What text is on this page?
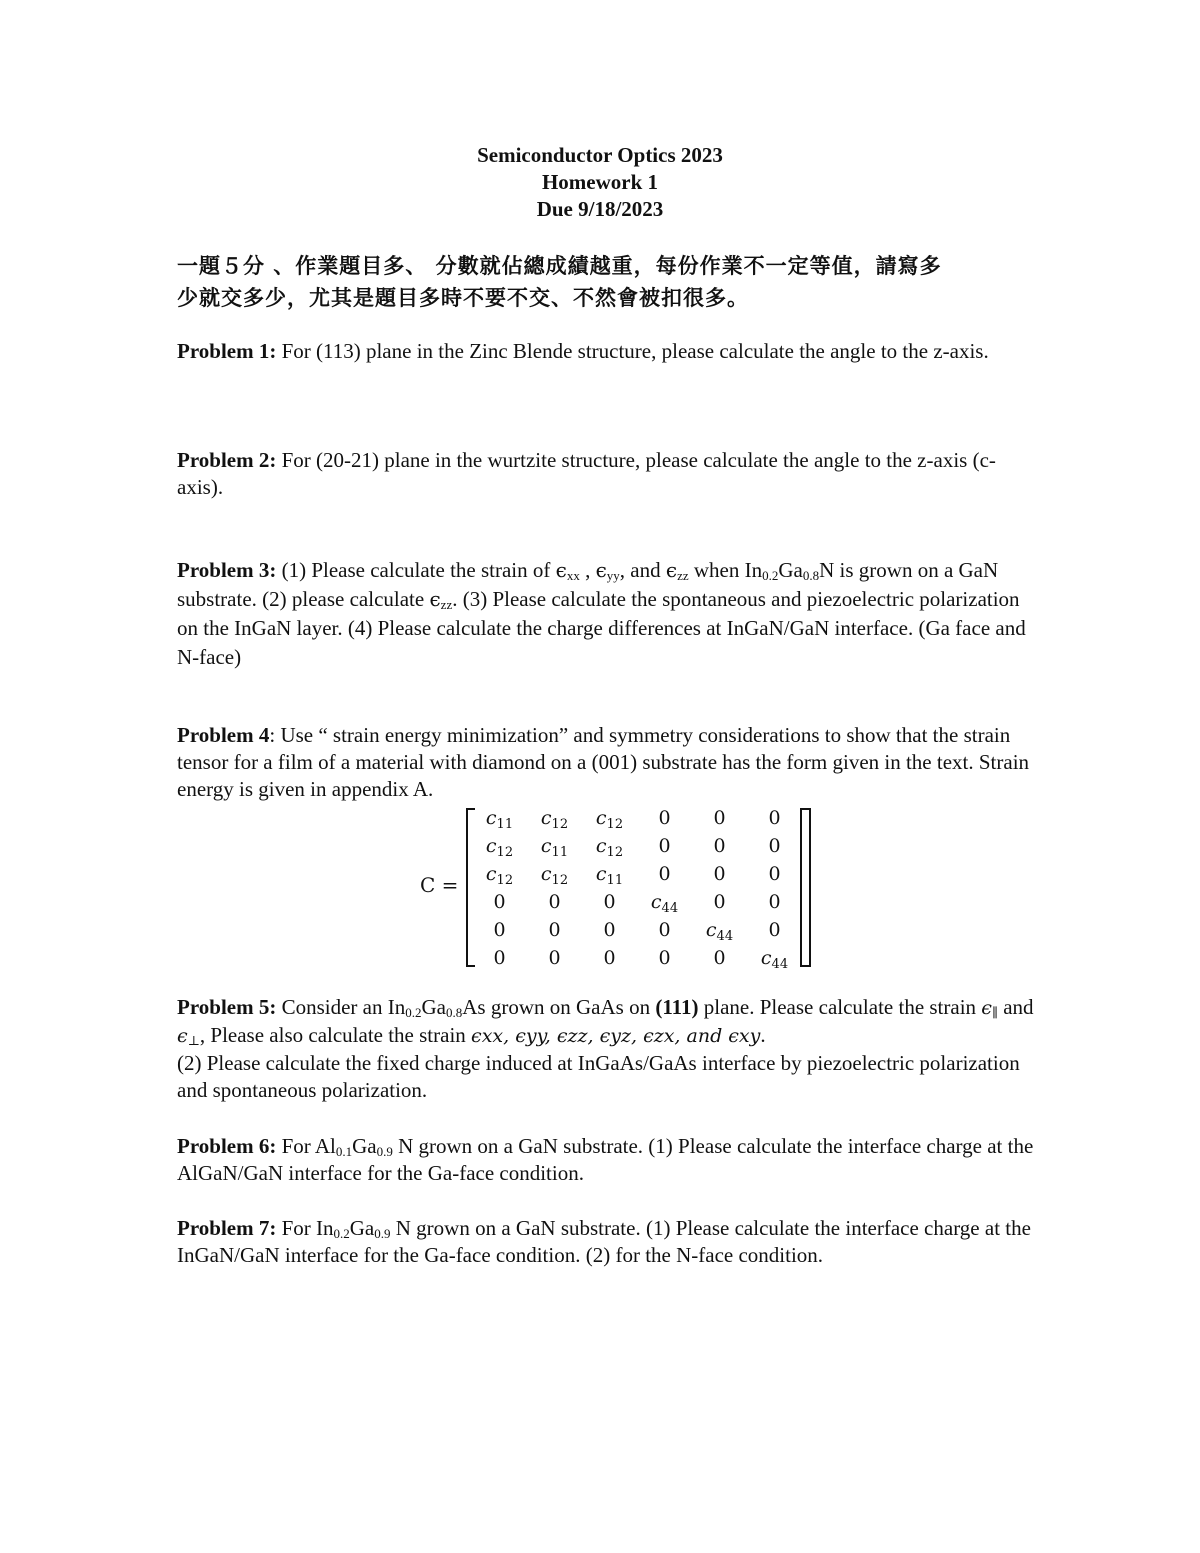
Semiconductor Optics 2023
Homework 1
Due 9/18/2023
一題５分 、作業題目多、 分數就佔總成績越重，每份作業不一定等值，請寫多
少就交多少，尤其是題目多時不要不交、不然會被扣很多。
Problem 1: For (113) plane in the Zinc Blende structure, please calculate the angle to the z-axis.
Problem 2: For (20-21) plane in the wurtzite structure, please calculate the angle to the z-axis (c-axis).
Problem 3: (1) Please calculate the strain of $\epsilon_{xx}$ , $\epsilon_{yy}$, and $\epsilon_{zz}$ when $In_{0.2}Ga_{0.8}N$ is grown on a GaN substrate. (2) please calculate $\epsilon_{zz}$. (3) Please calculate the spontaneous and piezoelectric polarization on the InGaN layer. (4) Please calculate the charge differences at InGaN/GaN interface. (Ga face and N-face)
Problem 4: Use “ strain energy minimization” and symmetry considerations to show that the strain tensor for a film of a material with diamond on a (001) substrate has the form given in the text. Strain energy is given in appendix A.
C =
$c_{11}$	$c_{12}$	$c_{12}$	0	0	0
$c_{12}$	$c_{11}$	$c_{12}$	0	0	0
$c_{12}$	$c_{12}$	$c_{11}$	0	0	0
0	0	0	$c_{44}$	0	0
0	0	0	0	$c_{44}$	0
0	0	0	0	0	$c_{44}$
Problem 5: Consider an $In_{0.2}Ga_{0.8}As$ grown on GaAs on (111) plane. Please calculate the strain $\epsilon_\parallel$ and $\epsilon_\perp$, Please also calculate the strain ϵxx, ϵyy, ϵzz, ϵyz, ϵzx, and ϵxy.
(2) Please calculate the fixed charge induced at InGaAs/GaAs interface by piezoelectric polarization and spontaneous polarization.
Problem 6: For $Al_{0.1}Ga_{0.9}$ N grown on a GaN substrate. (1) Please calculate the interface charge at the AlGaN/GaN interface for the Ga-face condition.
Problem 7: For $In_{0.2}Ga_{0.9}$ N grown on a GaN substrate. (1) Please calculate the interface charge at the InGaN/GaN interface for the Ga-face condition. (2) for the N-face condition.
